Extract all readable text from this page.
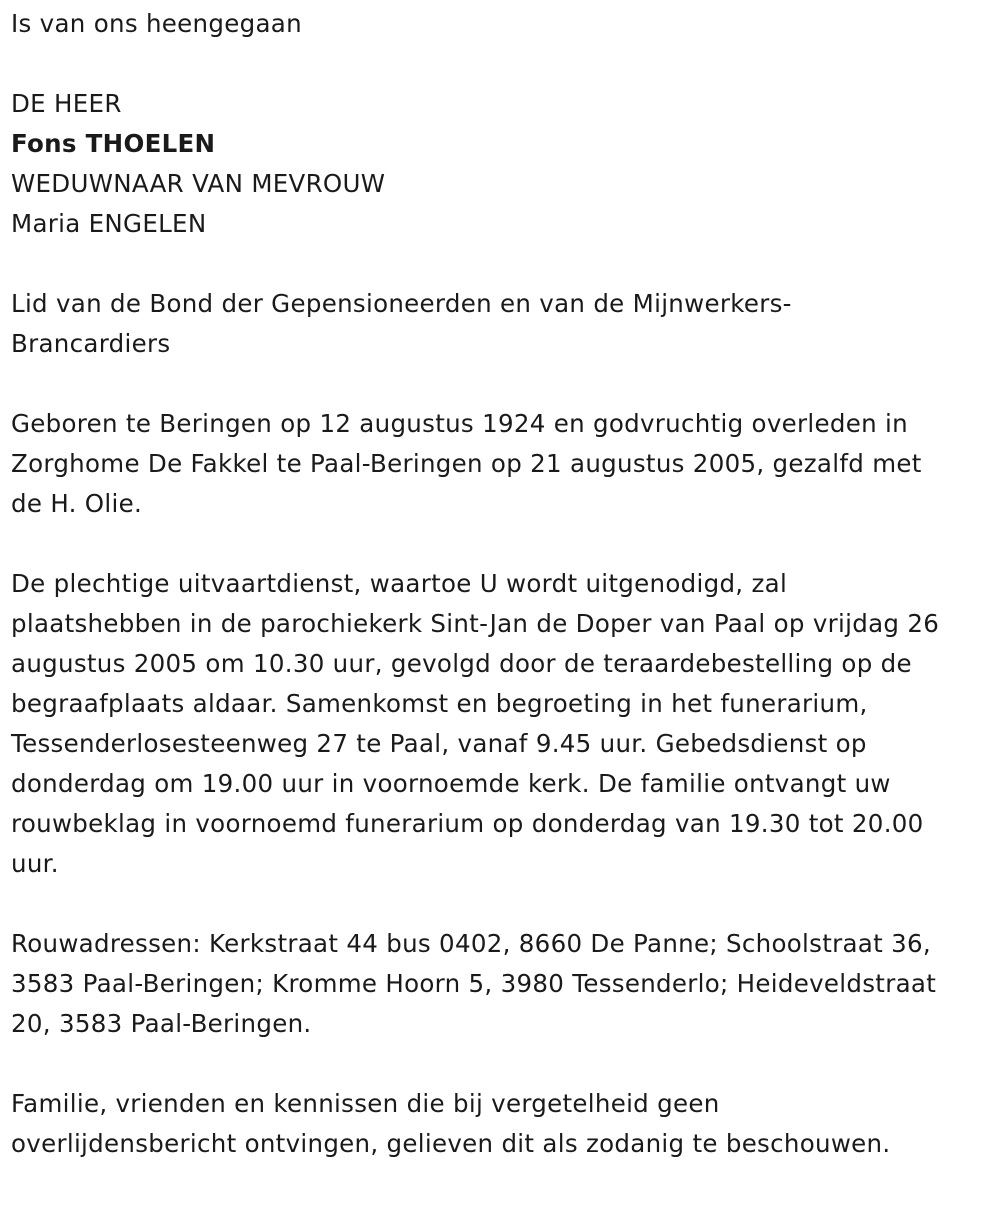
Is van ons heengegaan
DE HEER
Fons THOELEN
WEDUWNAAR VAN MEVROUW
Maria ENGELEN

Lid van de Bond der Gepensioneerden en van de Mijnwerkers-
Brancardiers

Geboren te Beringen op 12 augustus 1924 en godvruchtig overleden in
Zorghome De Fakkel te Paal-Beringen op 21 augustus 2005, gezalfd met
de H. Olie.

De plechtige uitvaartdienst, waartoe U wordt uitgenodigd, zal
plaatshebben in de parochiekerk Sint-Jan de Doper van Paal op vrijdag 26
augustus 2005 om 10.30 uur, gevolgd door de teraardebestelling op de
begraafplaats aldaar. Samenkomst en begroeting in het funerarium,
Tessenderlosesteenweg 27 te Paal, vanaf 9.45 uur. Gebedsdienst op
donderdag om 19.00 uur in voornoemde kerk. De familie ontvangt uw
rouwbeklag in voornoemd funerarium op donderdag van 19.30 tot 20.00
uur.

Rouwadressen: Kerkstraat 44 bus 0402, 8660 De Panne; Schoolstraat 36,
3583 Paal-Beringen; Kromme Hoorn 5, 3980 Tessenderlo; Heideveldstraat
20, 3583 Paal-Beringen.

Familie, vrienden en kennissen die bij vergetelheid geen
overlijdensbericht ontvingen, gelieven dit als zodanig te beschouwen.
